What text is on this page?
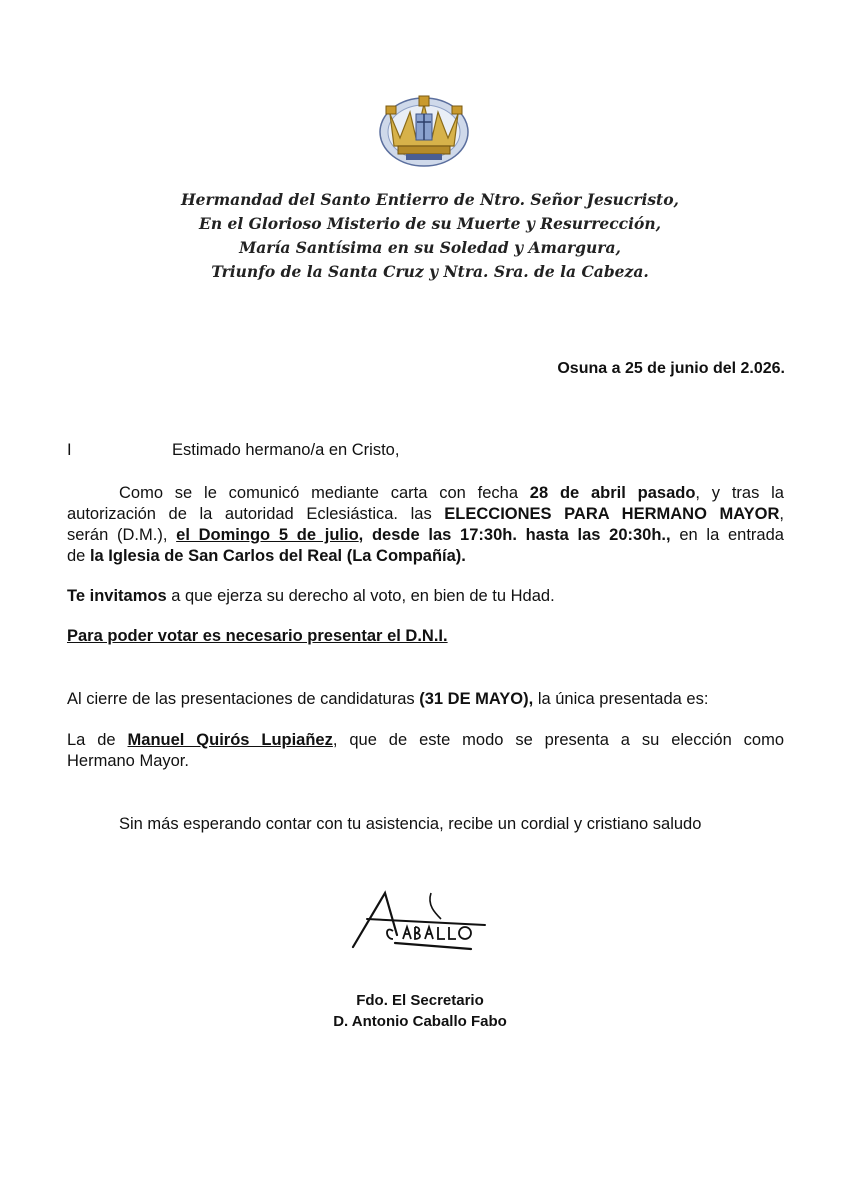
Hermandad del Santo Entierro de Ntro. Señor Jesucristo,
En el Glorioso Misterio de su Muerte y Resurrección,
María Santísima en su Soledad y Amargura,
Triunfo de la Santa Cruz y Ntra. Sra. de la Cabeza.
Osuna a 25 de junio del 2.026.
I	Estimado hermano/a en Cristo,
Como se le comunicó mediante carta con fecha 28 de abril pasado, y tras la
autorización de la autoridad Eclesiástica. las ELECCIONES PARA HERMANO MAYOR,
serán (D.M.), el Domingo 5 de julio, desde las 17:30h. hasta las 20:30h., en la entrada
de la Iglesia de San Carlos del Real (La Compañía).
Te invitamos a que ejerza su derecho al voto, en bien de tu Hdad.
Para poder votar es necesario presentar el D.N.I.
Al cierre de las presentaciones de candidaturas (31 DE MAYO), la única presentada es:
La de Manuel Quirós Lupiañez, que de este modo se presenta a su elección como
Hermano Mayor.
Sin más esperando contar con tu asistencia, recibe un cordial y cristiano saludo
Fdo. El Secretario
D. Antonio Caballo Fabo
